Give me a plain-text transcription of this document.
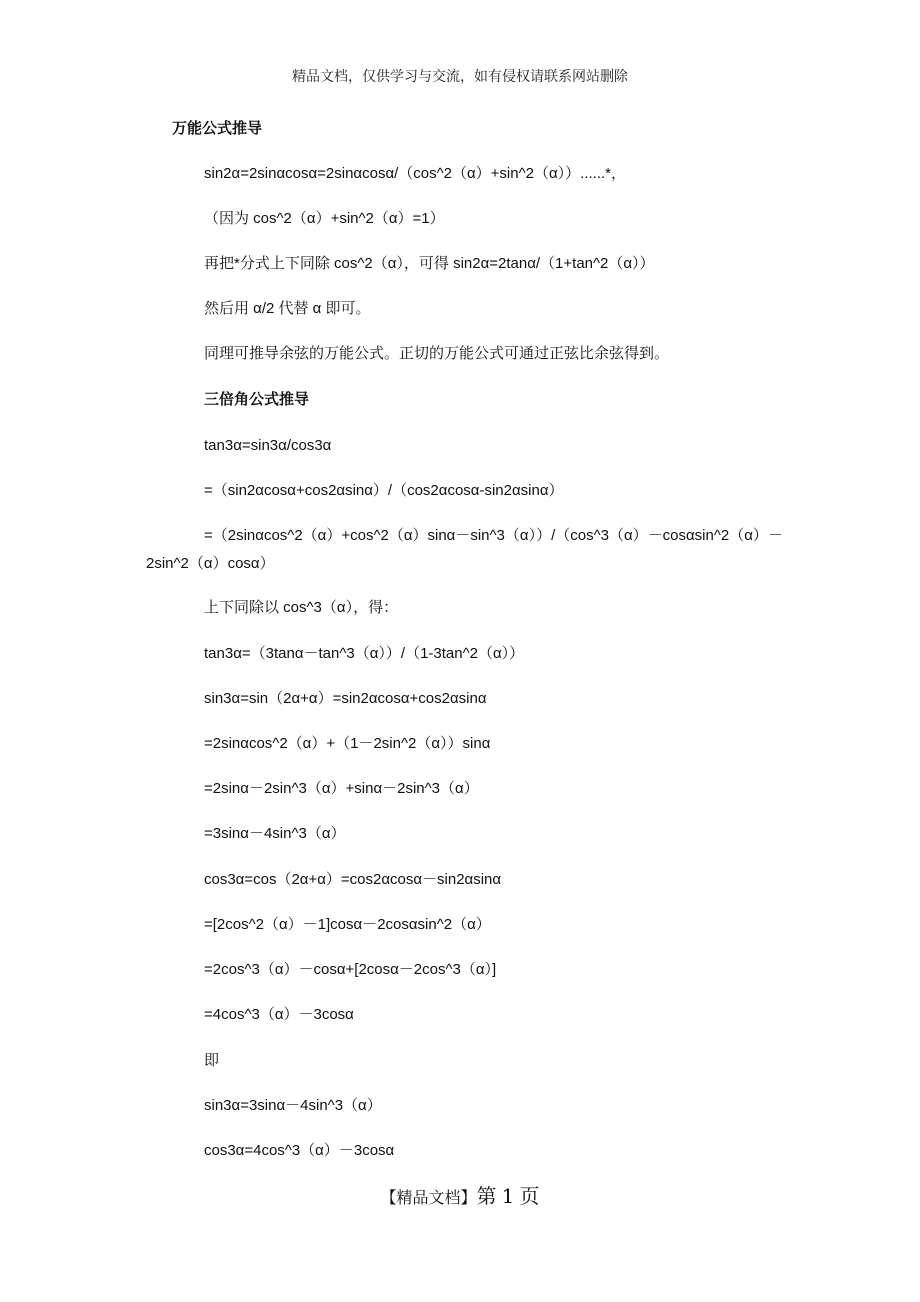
精品文档，仅供学习与交流，如有侵权请联系网站删除
万能公式推导
sin2α=2sinαcosα=2sinαcosα/（cos^2（α）+sin^2（α））......*，
（因为 cos^2（α）+sin^2（α）=1）
再把*分式上下同除 cos^2（α），可得 sin2α=2tanα/（1+tan^2（α））
然后用 α/2 代替 α 即可。
同理可推导余弦的万能公式。正切的万能公式可通过正弦比余弦得到。
三倍角公式推导
tan3α=sin3α/cos3α
=（sin2αcosα+cos2αsinα）/（cos2αcosα-sin2αsinα）
=（2sinαcos^2（α）+cos^2（α）sinα－sin^3（α））/（cos^3（α）－cosαsin^2（α）－2sin^2（α）cosα）
上下同除以 cos^3（α），得：
tan3α=（3tanα－tan^3（α））/（1-3tan^2（α））
sin3α=sin（2α+α）=sin2αcosα+cos2αsinα
=2sinαcos^2（α）+（1－2sin^2（α））sinα
=2sinα－2sin^3（α）+sinα－2sin^3（α）
=3sinα－4sin^3（α）
cos3α=cos（2α+α）=cos2αcosα－sin2αsinα
=[2cos^2（α）－1]cosα－2cosαsin^2（α）
=2cos^3（α）－cosα+[2cosα－2cos^3（α）]
=4cos^3（α）－3cosα
即
sin3α=3sinα－4sin^3（α）
cos3α=4cos^3（α）－3cosα
【精品文档】第 1 页
